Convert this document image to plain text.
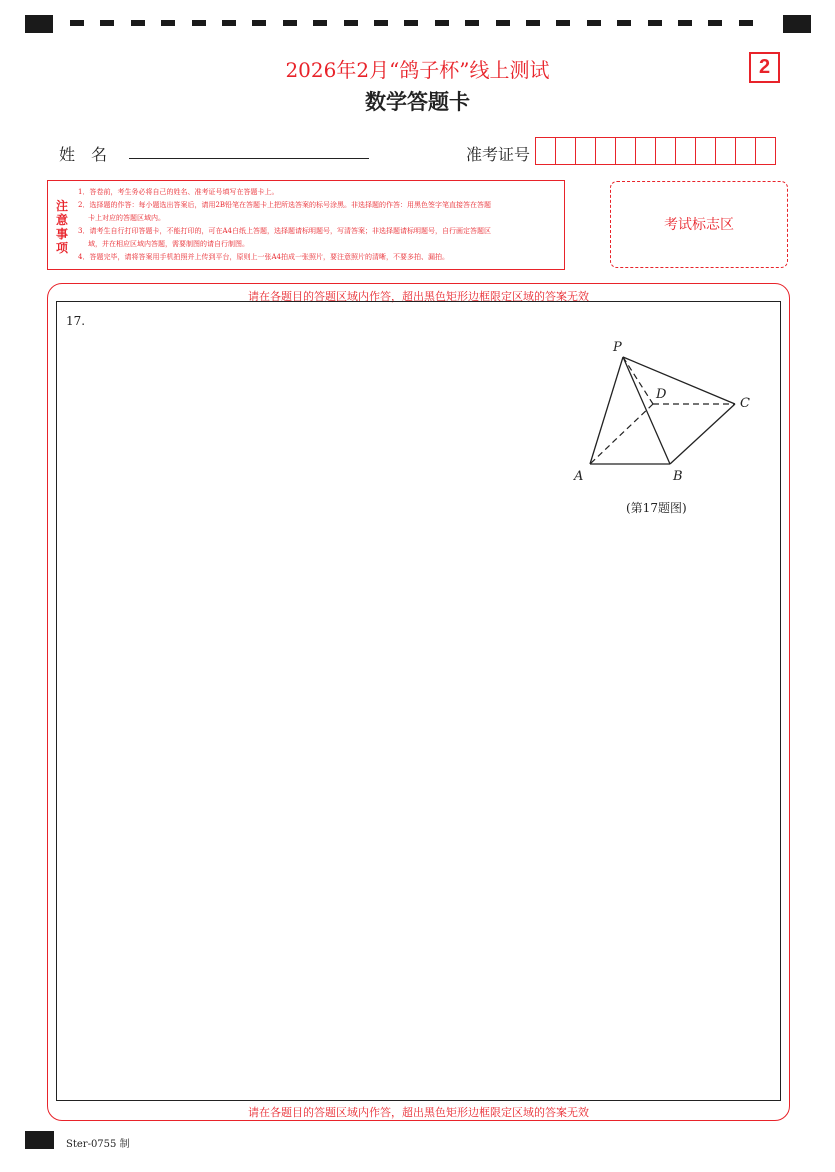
2026年2月“鸽子杯”线上测试
数学答题卡
2
姓　名	准考证号
注意事项
1．答卷前，考生务必将自己的姓名、准考证号填写在答题卡上。
2．选择题的作答：每小题选出答案后，请用2B铅笔在答题卡上把所选答案的标号涂黑。非选择题的作答：用黑色签字笔直接答在答题
卡上对应的答题区域内。
3．请考生自行打印答题卡，不能打印的，可在A4白纸上答题，选择题请标明题号，写清答案；非选择题请标明题号，自行画定答题区
域，并在相应区域内答题，需要制图的请自行制图。
4．答题完毕，请将答案用手机拍照并上传到平台，原则上一张A4拍成一张照片，要注意照片的清晰，不要多拍、漏拍。
考试标志区
请在各题目的答题区域内作答，超出黑色矩形边框限定区域的答案无效
请在各题目的答题区域内作答，超出黑色矩形边框限定区域的答案无效
17.
P
D
C
A	B
(第17题图)
Ster-0755 制
